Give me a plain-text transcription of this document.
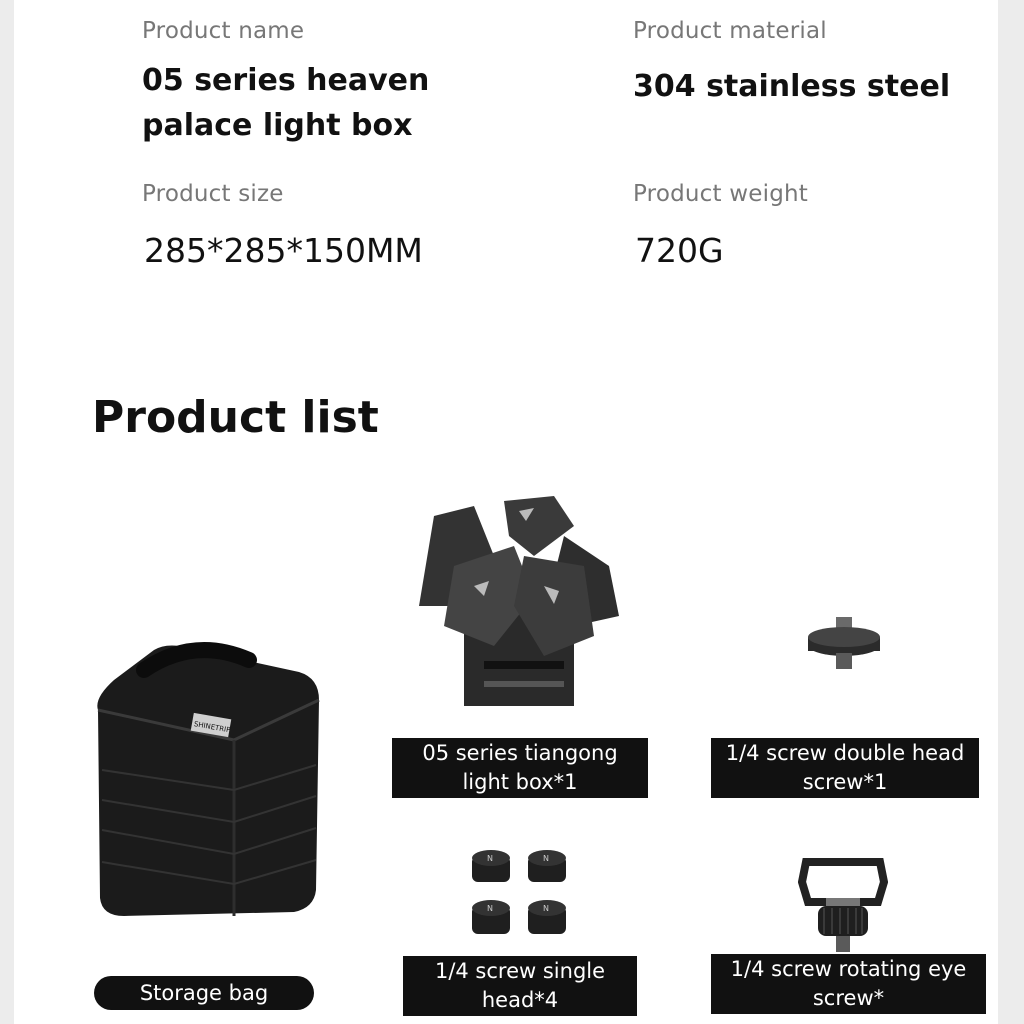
Product name
05 series heaven
palace light box
Product material
304 stainless steel
Product size
285*285*150MM
Product weight
720G
Product list
SHINETRIP
N	N
N	N
Storage bag
05 series tiangong
light box*1
1/4 screw double head
screw*1
1/4 screw single
head*4
1/4 screw rotating eye
screw*
